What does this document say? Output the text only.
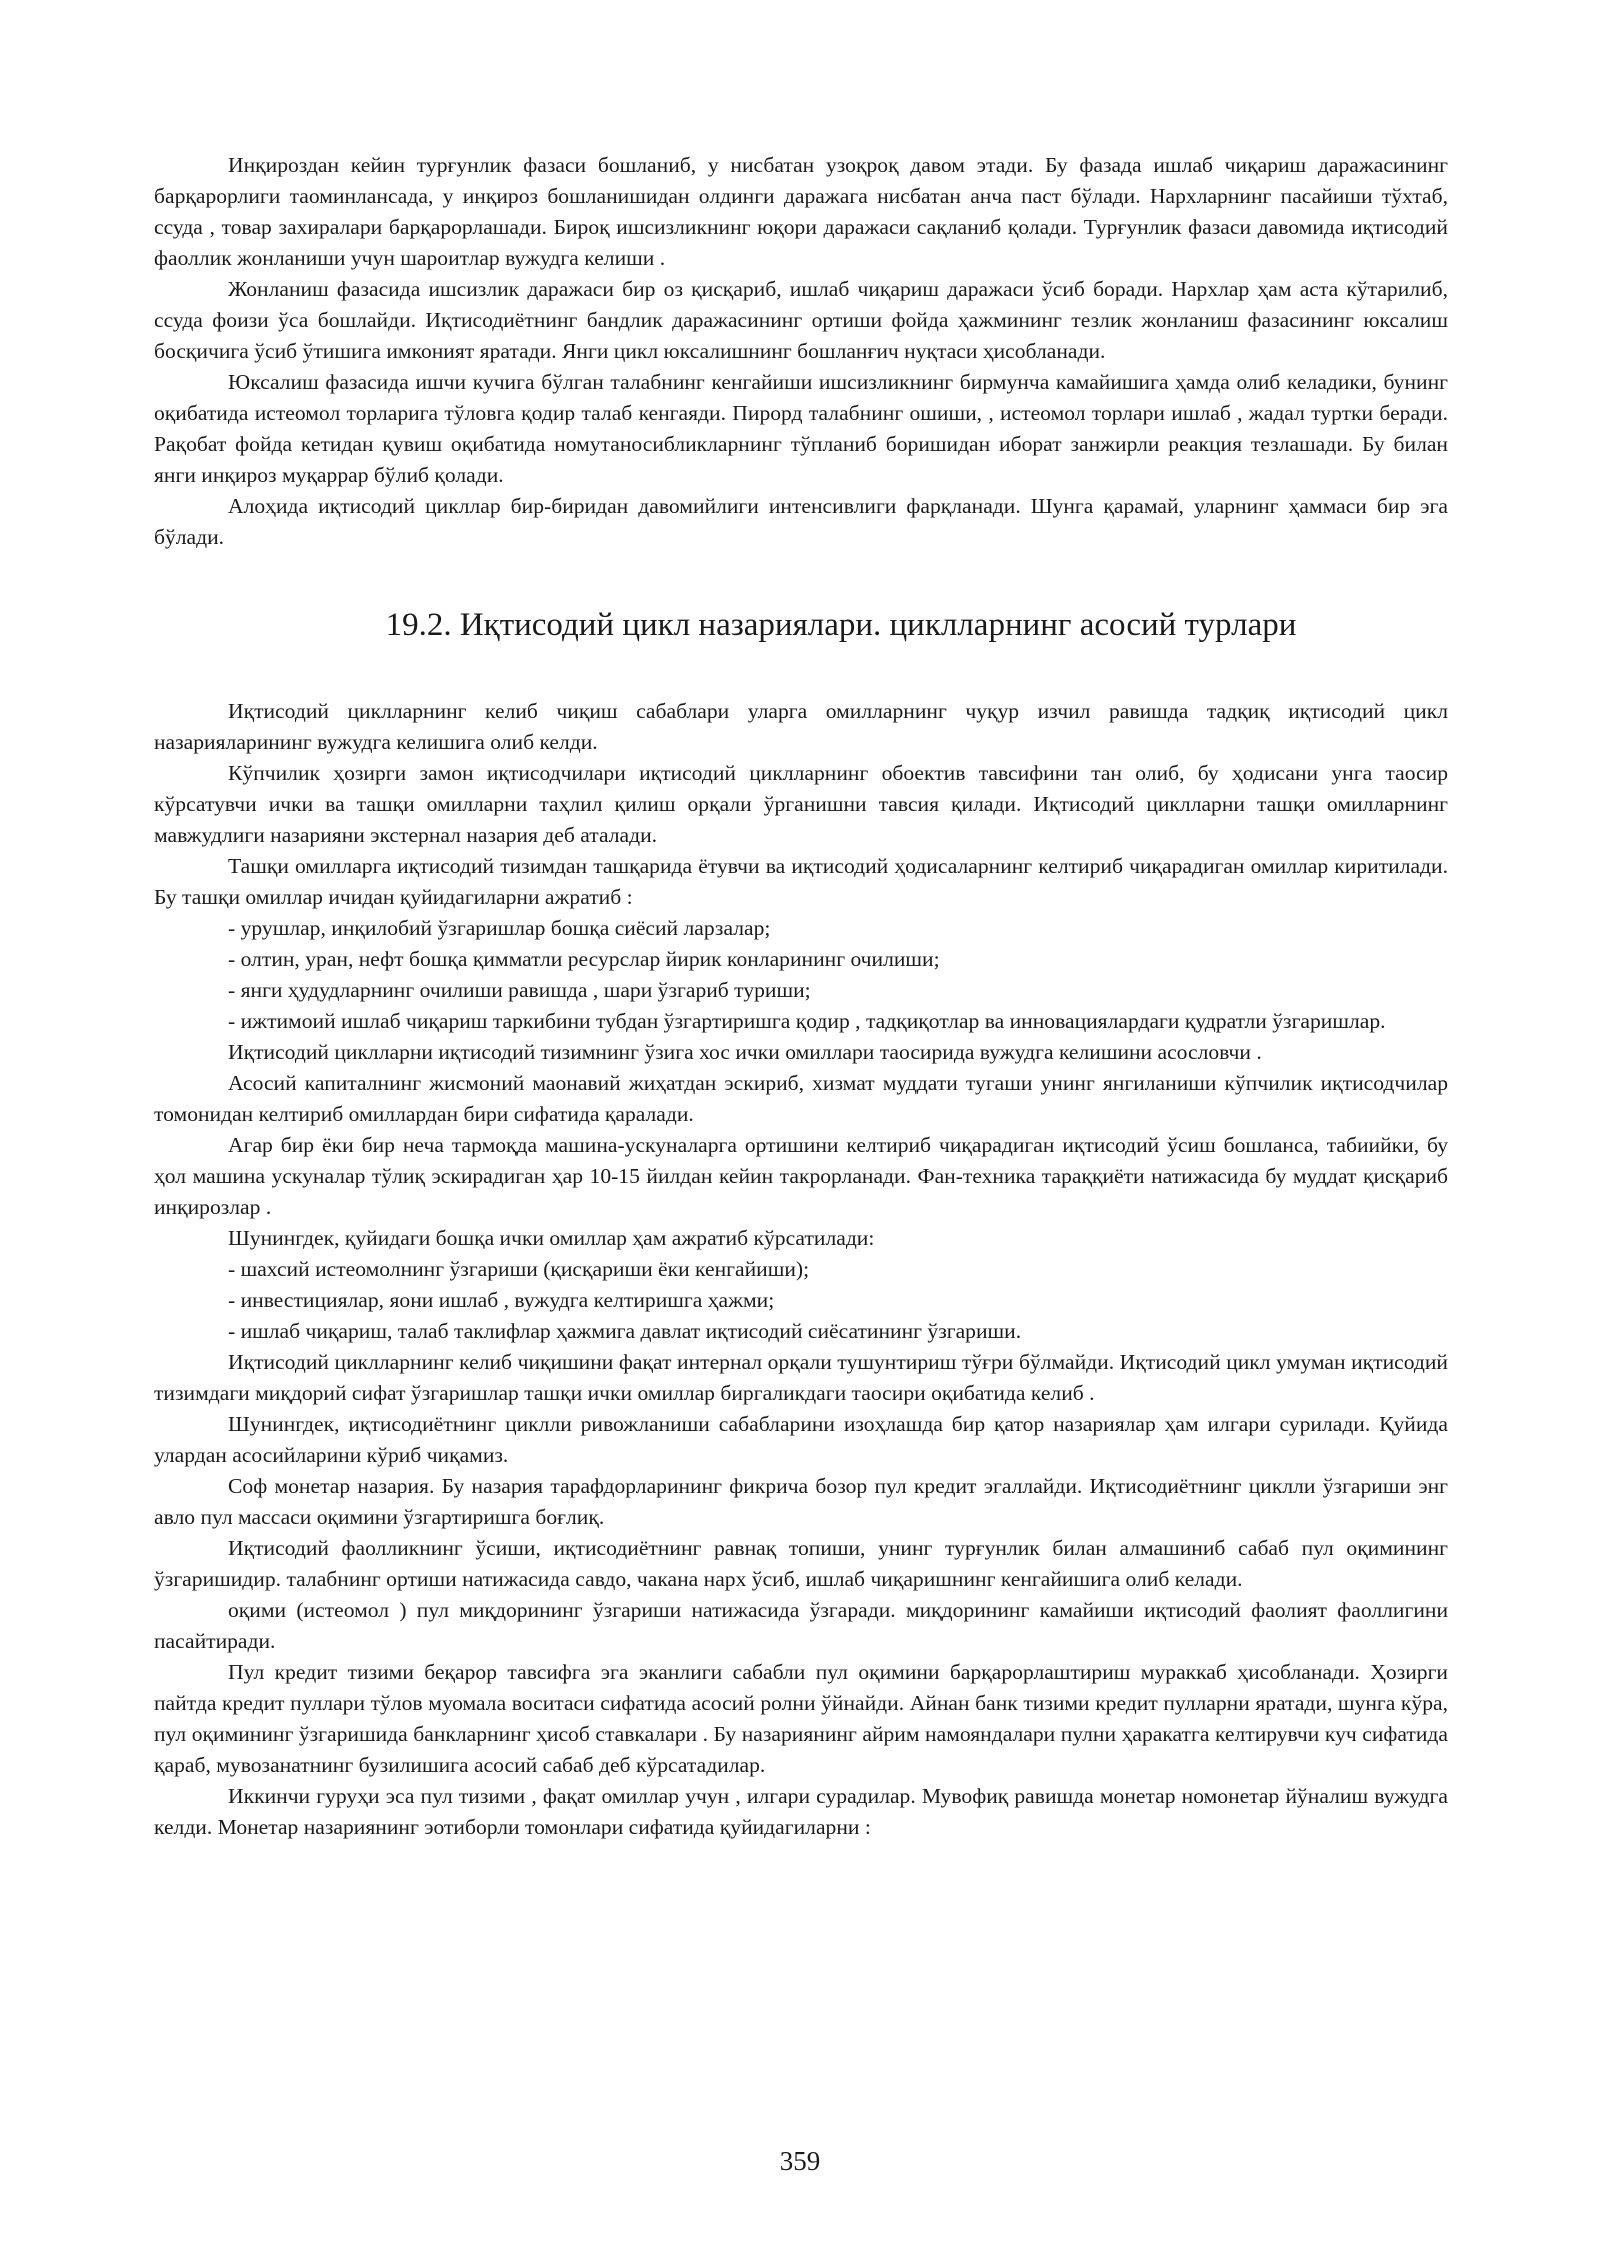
Инқироздан кейин турғунлик фазаси бошланиб, у нисбатан узоқроқ давом этади. Бу фазада ишлаб чиқариш даражасининг барқарорлиги таоминлансада, у инқироз бошланишидан олдинги даражага нисбатан анча паст бўлади. Нархларнинг пасайиши тўхтаб, ссуда , товар захиралари барқарорлашади. Бироқ ишсизликнинг юқори даражаси сақланиб қолади. Турғунлик фазаси давомида иқтисодий фаоллик жонланиши учун шароитлар вужудга келиши .

Жонланиш фазасида ишсизлик даражаси бир оз қисқариб, ишлаб чиқариш даражаси ўсиб боради. Нархлар ҳам аста кўтарилиб, ссуда фоизи ўса бошлайди. Иқтисодиётнинг бандлик даражасининг ортиши фойда ҳажмининг тезлик жонланиш фазасининг юксалиш босқичига ўсиб ўтишига имконият яратади. Янги цикл юксалишнинг бошланғич нуқтаси ҳисобланади.

Юксалиш фазасида ишчи кучига бўлган талабнинг кенгайиши ишсизликнинг бирмунча камайишига ҳамда олиб келадики, бунинг оқибатида истеомол торларига тўловга қодир талаб кенгаяди. Пирорд талабнинг ошиши, , истеомол торлари ишлаб , жадал туртки беради. Рақобат фойда кетидан қувиш оқибатида номутаносибликларнинг тўпланиб боришидан иборат занжирли реакция тезлашади. Бу билан янги инқироз муқаррар бўлиб қолади.

Алоҳида иқтисодий цикллар бир-биридан давомийлиги интенсивлиги фарқланади. Шунга қарамай, уларнинг ҳаммаси бир эга бўлади.

19.2. Иқтисодий цикл назариялари. циклларнинг асосий турлари

Иқтисодий циклларнинг келиб чиқиш сабаблари уларга омилларнинг чуқур изчил равишда тадқиқ иқтисодий цикл назарияларининг вужудга келишига олиб келди.

Кўпчилик ҳозирги замон иқтисодчилари иқтисодий циклларнинг обоектив тавсифини тан олиб, бу ҳодисани унга таосир кўрсатувчи ички ва ташқи омилларни таҳлил қилиш орқали ўрганишни тавсия қилади. Иқтисодий циклларни ташқи омилларнинг мавжудлиги назарияни экстернал назария деб аталади.

Ташқи омилларга иқтисодий тизимдан ташқарида ётувчи ва иқтисодий ҳодисаларнинг келтириб чиқарадиган омиллар киритилади. Бу ташқи омиллар ичидан қуйидагиларни ажратиб :

- урушлар, инқилобий ўзгаришлар бошқа сиёсий ларзалар;

- олтин, уран, нефт бошқа қимматли ресурслар йирик конларининг очилиши;

- янги ҳудудларнинг очилиши равишда , шари ўзгариб туриши;

- ижтимоий ишлаб чиқариш таркибини тубдан ўзгартиришга қодир , тадқиқотлар ва инновациялардаги қудратли ўзгаришлар.

Иқтисодий циклларни иқтисодий тизимнинг ўзига хос ички омиллари таосирида вужудга келишини асословчи .

Асосий капиталнинг жисмоний маонавий жиҳатдан эскириб, хизмат муддати тугаши унинг янгиланиши кўпчилик иқтисодчилар томонидан келтириб омиллардан бири сифатида қаралади.

Агар бир ёки бир неча тармоқда машина-ускуналарга ортишини келтириб чиқарадиган иқтисодий ўсиш бошланса, табиийки, бу ҳол машина ускуналар тўлиқ эскирадиган ҳар 10-15 йилдан кейин такрорланади. Фан-техника тараққиёти натижасида бу муддат қисқариб инқирозлар .

Шунингдек, қуйидаги бошқа ички омиллар ҳам ажратиб кўрсатилади:

- шахсий истеомолнинг ўзгариши (қисқариши ёки кенгайиши);

- инвестициялар, яони ишлаб , вужудга келтиришга ҳажми;

- ишлаб чиқариш, талаб таклифлар ҳажмига давлат иқтисодий сиёсатининг ўзгариши.

Иқтисодий циклларнинг келиб чиқишини фақат интернал орқали тушунтириш тўғри бўлмайди. Иқтисодий цикл умуман иқтисодий тизимдаги миқдорий сифат ўзгаришлар ташқи ички омиллар биргаликдаги таосири оқибатида келиб .

Шунингдек, иқтисодиётнинг циклли ривожланиши сабабларини изоҳлашда бир қатор назариялар ҳам илгари сурилади. Қуйида улардан асосийларини кўриб чиқамиз.

Соф монетар назария. Бу назария тарафдорларининг фикрича бозор пул кредит эгаллайди. Иқтисодиётнинг циклли ўзгариши энг авло пул массаси оқимини ўзгартиришга боғлиқ.

Иқтисодий фаолликнинг ўсиши, иқтисодиётнинг равнақ топиши, унинг турғунлик билан алмашиниб сабаб пул оқимининг ўзгаришидир. талабнинг ортиши натижасида савдо, чакана нарх ўсиб, ишлаб чиқаришнинг кенгайишига олиб келади.

оқими (истеомол ) пул миқдорининг ўзгариши натижасида ўзгаради. миқдорининг камайиши иқтисодий фаолият фаоллигини пасайтиради.

Пул кредит тизими беқарор тавсифга эга эканлиги сабабли пул оқимини барқарорлаштириш мураккаб ҳисобланади. Ҳозирги пайтда кредит пуллари тўлов муомала воситаси сифатида асосий ролни ўйнайди. Айнан банк тизими кредит пулларни яратади, шунга кўра, пул оқимининг ўзгаришида банкларнинг ҳисоб ставкалари . Бу назариянинг айрим намояндалари пулни ҳаракатга келтирувчи куч сифатида қараб, мувозанатнинг бузилишига асосий сабаб деб кўрсатадилар.

Иккинчи гуруҳи эса пул тизими , фақат омиллар учун , илгари сурадилар. Мувофиқ равишда монетар номонетар йўналиш вужудга келди. Монетар назариянинг эотиборли томонлари сифатида қуйидагиларни :

359
